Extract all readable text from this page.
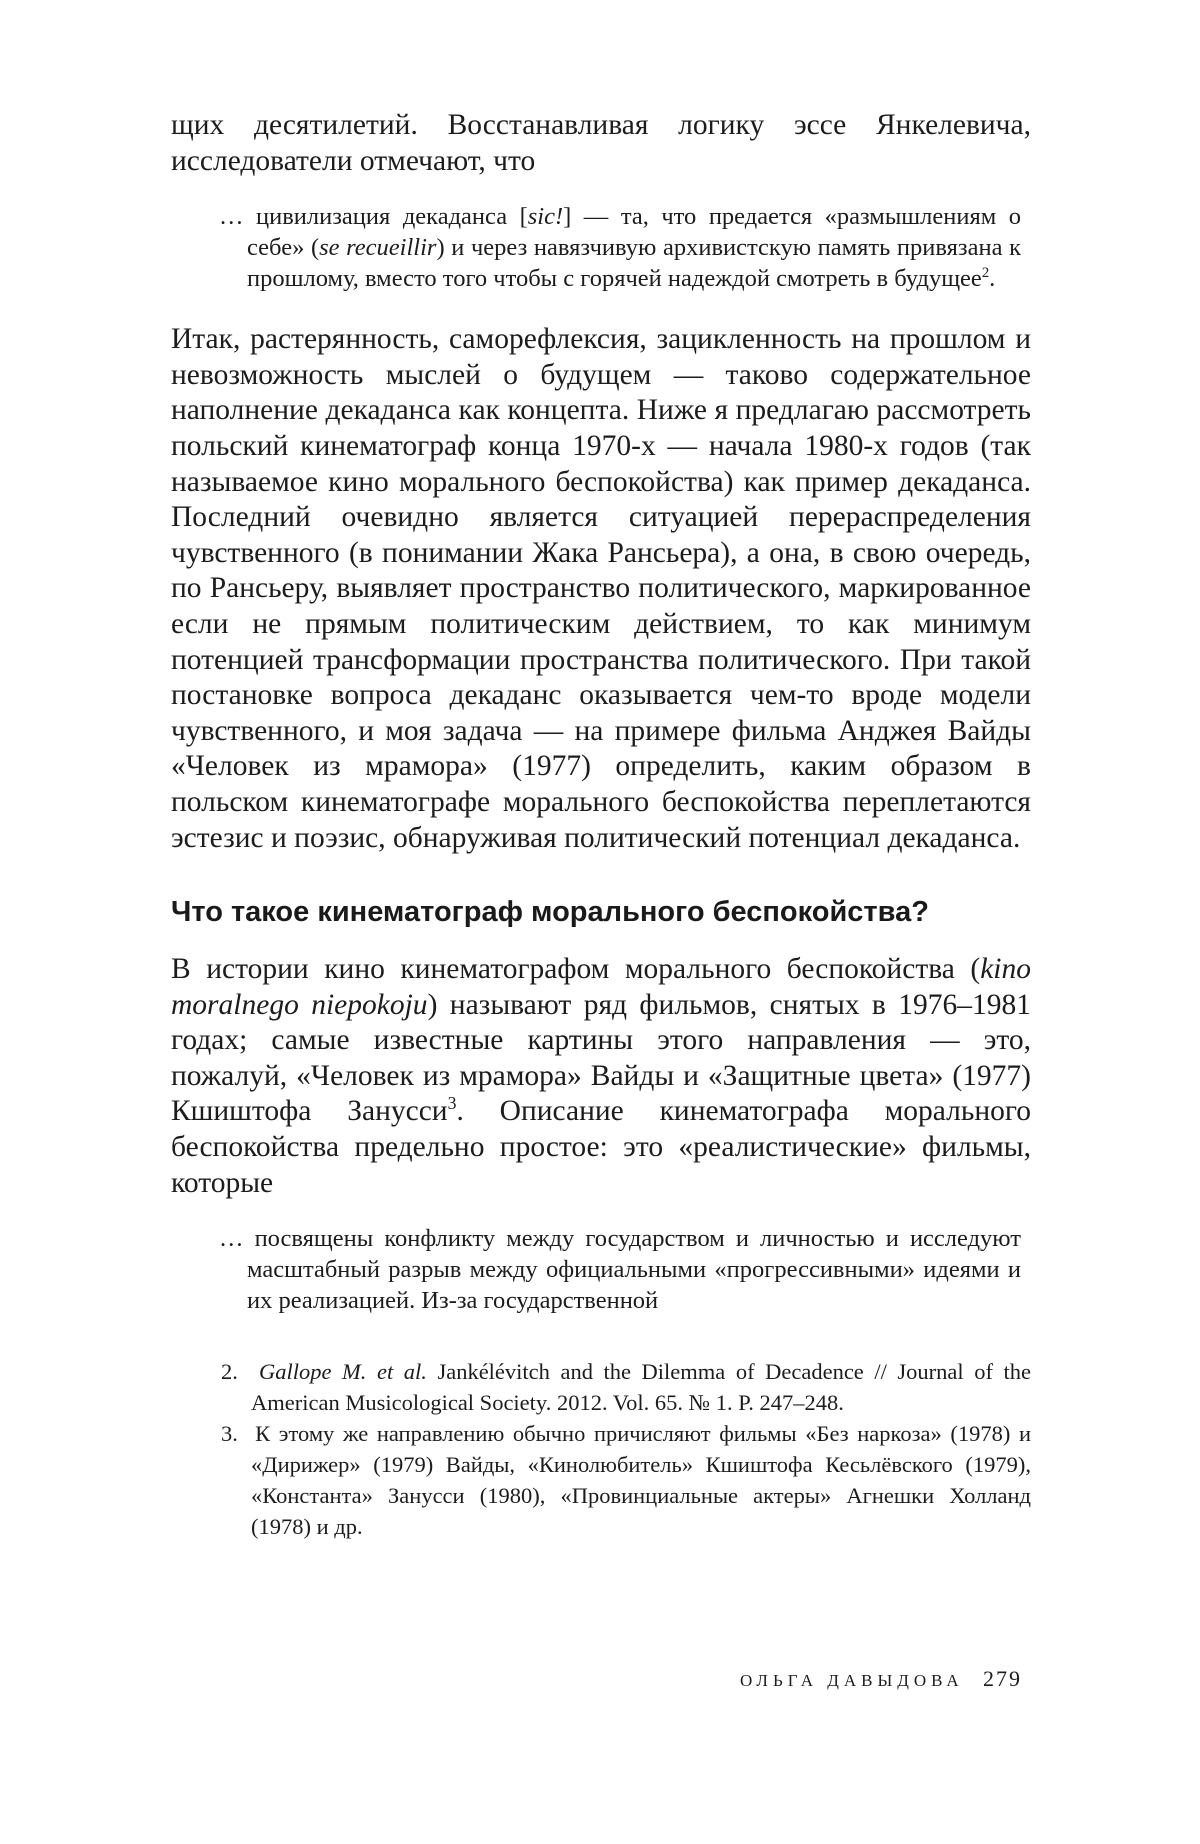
щих десятилетий. Восстанавливая логику эссе Янкелевича, исследователи отмечают, что

… цивилизация декаданса [sic!] — та, что предается «размышлениям о себе» (se recueillir) и через навязчивую архивистскую память привязана к прошлому, вместо того чтобы с горячей надеждой смотреть в будущее$^2$.

Итак, растерянность, саморефлексия, зацикленность на прошлом и невозможность мыслей о будущем — таково содержательное наполнение декаданса как концепта. Ниже я предлагаю рассмотреть польский кинематограф конца 1970-х — начала 1980-х годов (так называемое кино морального беспокойства) как пример декаданса. Последний очевидно является ситуацией перераспределения чувственного (в понимании Жака Рансьера), а она, в свою очередь, по Рансьеру, выявляет пространство политического, маркированное если не прямым политическим действием, то как минимум потенцией трансформации пространства политического. При такой постановке вопроса декаданс оказывается чем-то вроде модели чувственного, и моя задача — на примере фильма Анджея Вайды «Человек из мрамора» (1977) определить, каким образом в польском кинематографе морального беспокойства переплетаются эстезис и поэзис, обнаруживая политический потенциал декаданса.

Что такое кинематограф морального беспокойства?

В истории кино кинематографом морального беспокойства (kino moralnego niepokoju) называют ряд фильмов, снятых в 1976–1981 годах; самые известные картины этого направления — это, пожалуй, «Человек из мрамора» Вайды и «Защитные цвета» (1977) Кшиштофа Занусси$^3$. Описание кинематографа морального беспокойства предельно простое: это «реалистические» фильмы, которые

… посвящены конфликту между государством и личностью и исследуют масштабный разрыв между официальными «прогрессивными» идеями и их реализацией. Из-за государственной

2. Gallope M. et al. Jankélévitch and the Dilemma of Decadence // Journal of the American Musicological Society. 2012. Vol. 65. № 1. P. 247–248.

3. К этому же направлению обычно причисляют фильмы «Без наркоза» (1978) и «Дирижер» (1979) Вайды, «Кинолюбитель» Кшиштофа Кесьлёвского (1979), «Константа» Занусси (1980), «Провинциальные актеры» Агнешки Холланд (1978) и др.

ОЛЬГА ДАВЫДОВА 279
